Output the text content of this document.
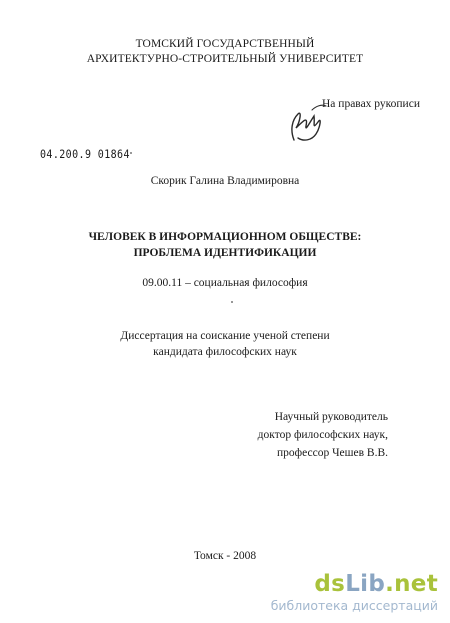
ТОМСКИЙ ГОСУДАРСТВЕННЫЙ
АРХИТЕКТУРНО-СТРОИТЕЛЬНЫЙ УНИВЕРСИТЕТ
На правах рукописи
04.200.9 01864
Скорик Галина Владимировна
ЧЕЛОВЕК В ИНФОРМАЦИОННОМ ОБЩЕСТВЕ:
ПРОБЛЕМА ИДЕНТИФИКАЦИИ
09.00.11 – социальная философия
Диссертация на соискание ученой степени
кандидата философских наук
Научный руководитель
доктор философских наук,
профессор Чешев В.В.
Томск - 2008
dsLib.net
библиотека диссертаций
